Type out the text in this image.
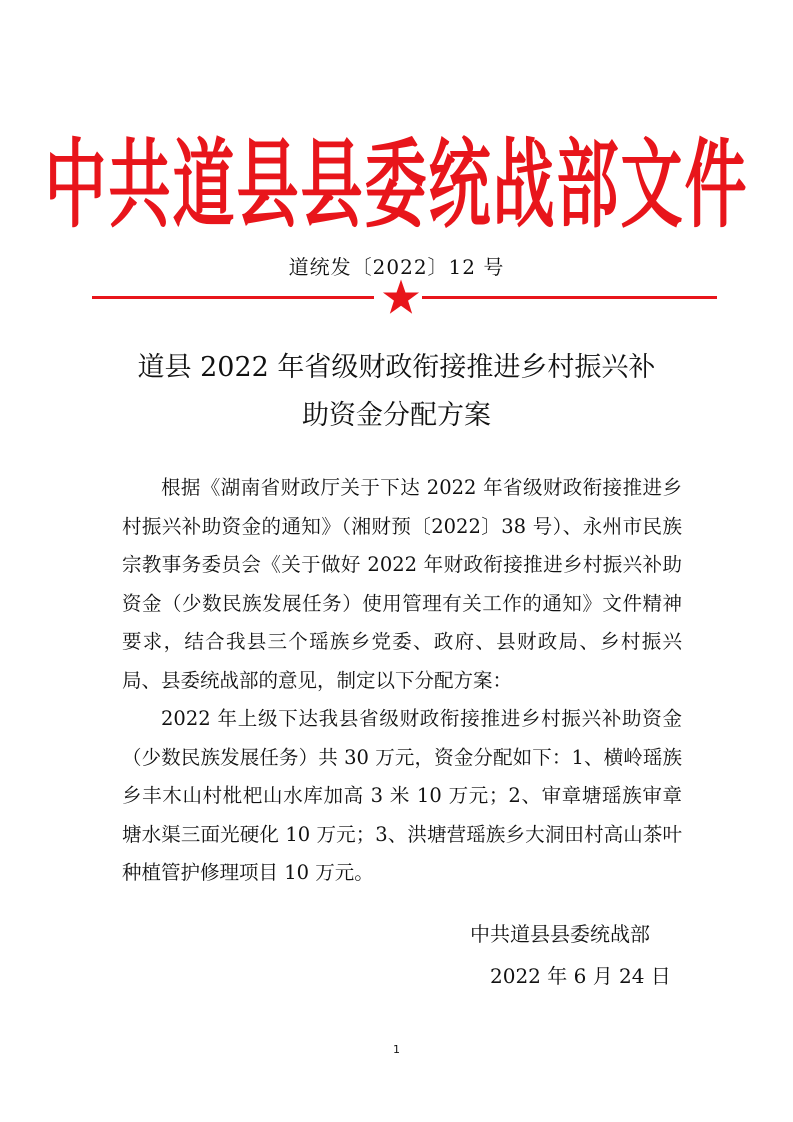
中共道县县委统战部文件
道统发〔2022〕12 号
道县 2022 年省级财政衔接推进乡村振兴补
助资金分配方案

根据《湖南省财政厅关于下达 2022 年省级财政衔接推进乡村振兴补助资金的通知》（湘财预〔2022〕38 号）、永州市民族宗教事务委员会《关于做好 2022 年财政衔接推进乡村振兴补助资金（少数民族发展任务）使用管理有关工作的通知》文件精神要求，结合我县三个瑶族乡党委、政府、县财政局、乡村振兴局、县委统战部的意见，制定以下分配方案：

2022 年上级下达我县省级财政衔接推进乡村振兴补助资金（少数民族发展任务）共 30 万元，资金分配如下：1、横岭瑶族乡丰木山村枇杷山水库加高 3 米 10 万元；2、审章塘瑶族审章塘水渠三面光硬化 10 万元；3、洪塘营瑶族乡大洞田村高山茶叶种植管护修理项目 10 万元。

中共道县县委统战部
2022 年 6 月 24 日
1
